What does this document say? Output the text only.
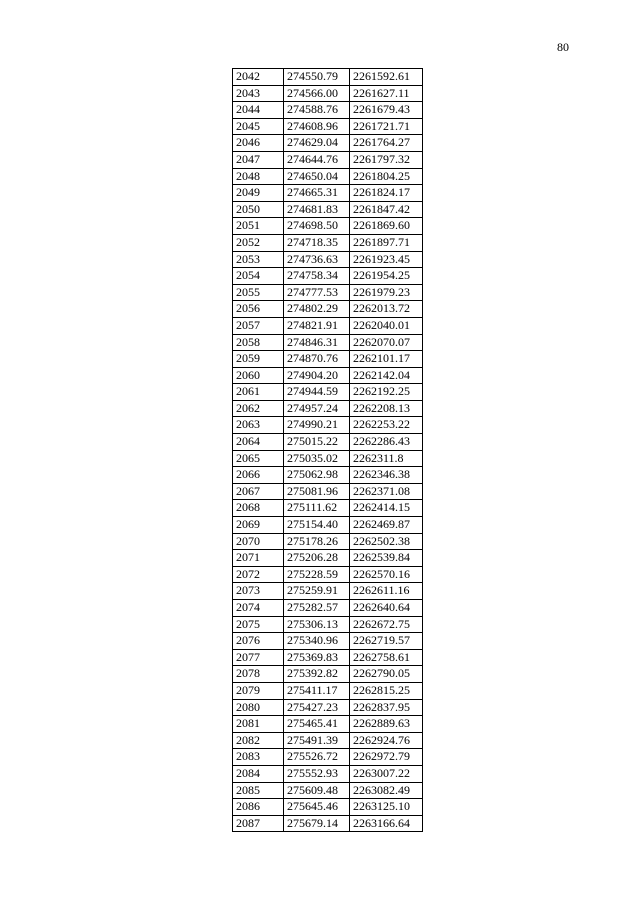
80
2042	274550.79	2261592.61
2043	274566.00	2261627.11
2044	274588.76	2261679.43
2045	274608.96	2261721.71
2046	274629.04	2261764.27
2047	274644.76	2261797.32
2048	274650.04	2261804.25
2049	274665.31	2261824.17
2050	274681.83	2261847.42
2051	274698.50	2261869.60
2052	274718.35	2261897.71
2053	274736.63	2261923.45
2054	274758.34	2261954.25
2055	274777.53	2261979.23
2056	274802.29	2262013.72
2057	274821.91	2262040.01
2058	274846.31	2262070.07
2059	274870.76	2262101.17
2060	274904.20	2262142.04
2061	274944.59	2262192.25
2062	274957.24	2262208.13
2063	274990.21	2262253.22
2064	275015.22	2262286.43
2065	275035.02	2262311.8
2066	275062.98	2262346.38
2067	275081.96	2262371.08
2068	275111.62	2262414.15
2069	275154.40	2262469.87
2070	275178.26	2262502.38
2071	275206.28	2262539.84
2072	275228.59	2262570.16
2073	275259.91	2262611.16
2074	275282.57	2262640.64
2075	275306.13	2262672.75
2076	275340.96	2262719.57
2077	275369.83	2262758.61
2078	275392.82	2262790.05
2079	275411.17	2262815.25
2080	275427.23	2262837.95
2081	275465.41	2262889.63
2082	275491.39	2262924.76
2083	275526.72	2262972.79
2084	275552.93	2263007.22
2085	275609.48	2263082.49
2086	275645.46	2263125.10
2087	275679.14	2263166.64
